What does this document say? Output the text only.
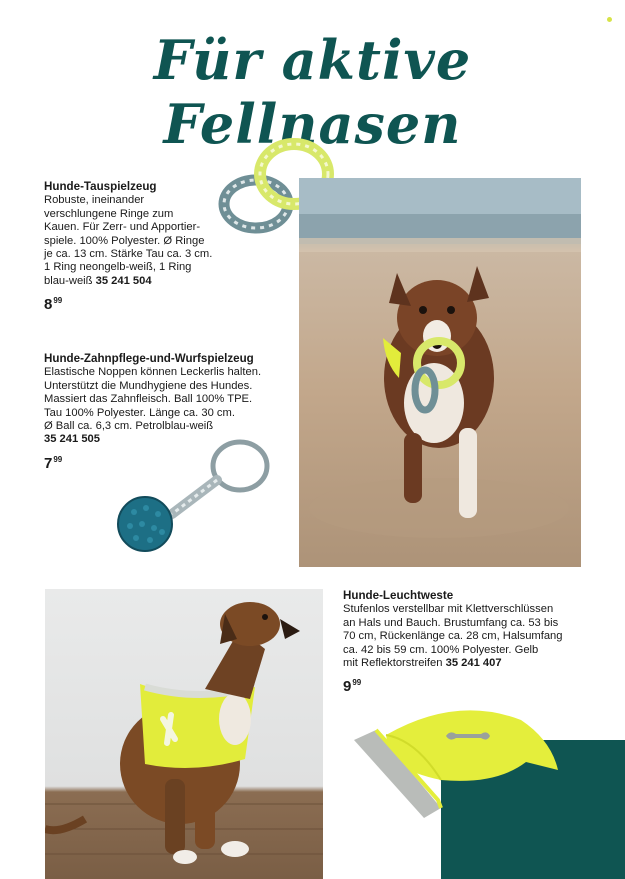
Für aktive Fellnasen
Hunde-Tauspielzeug
Robuste, ineinander
verschlungene Ringe zum
Kauen. Für Zerr- und Apportier-
spiele. 100% Polyester. Ø Ringe
je ca. 13 cm. Stärke Tau ca. 3 cm.
1 Ring neongelb-weiß, 1 Ring
blau-weiß 35 241 504
$8^{99}$
Hunde-Zahnpflege-und-Wurfspielzeug
Elastische Noppen können Leckerlis halten.
Unterstützt die Mundhygiene des Hundes.
Massiert das Zahnfleisch. Ball 100% TPE.
Tau 100% Polyester. Länge ca. 30 cm.
Ø Ball ca. 6,3 cm. Petrolblau-weiß
35 241 505
$7^{99}$
Hunde-Leuchtweste
Stufenlos verstellbar mit Klettverschlüssen
an Hals und Bauch. Brustumfang ca. 53 bis
70 cm, Rückenlänge ca. 28 cm, Halsumfang
ca. 42 bis 59 cm. 100% Polyester. Gelb
mit Reflektorstreifen 35 241 407
$9^{99}$
